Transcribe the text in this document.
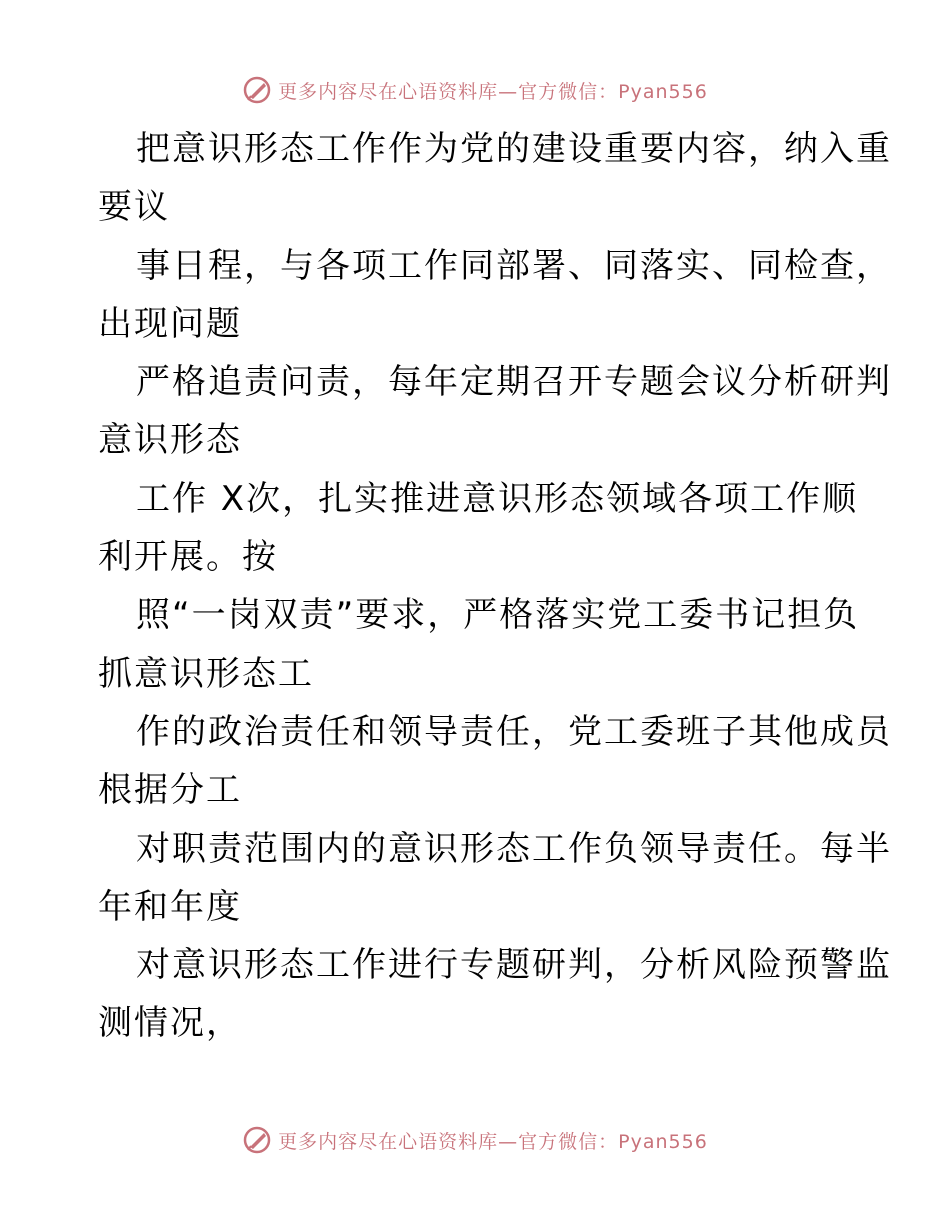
更多内容尽在心语资料库—官方微信：Pyan556

把意识形态工作作为党的建设重要内容，纳入重

要议

事日程，与各项工作同部署、同落实、同检查，

出现问题

严格追责问责，每年定期召开专题会议分析研判

意识形态

工作 X次，扎实推进意识形态领域各项工作顺

利开展。按

照“一岗双责”要求，严格落实党工委书记担负

抓意识形态工

作的政治责任和领导责任，党工委班子其他成员

根据分工

对职责范围内的意识形态工作负领导责任。每半

年和年度

对意识形态工作进行专题研判，分析风险预警监

测情况，

更多内容尽在心语资料库—官方微信：Pyan556
